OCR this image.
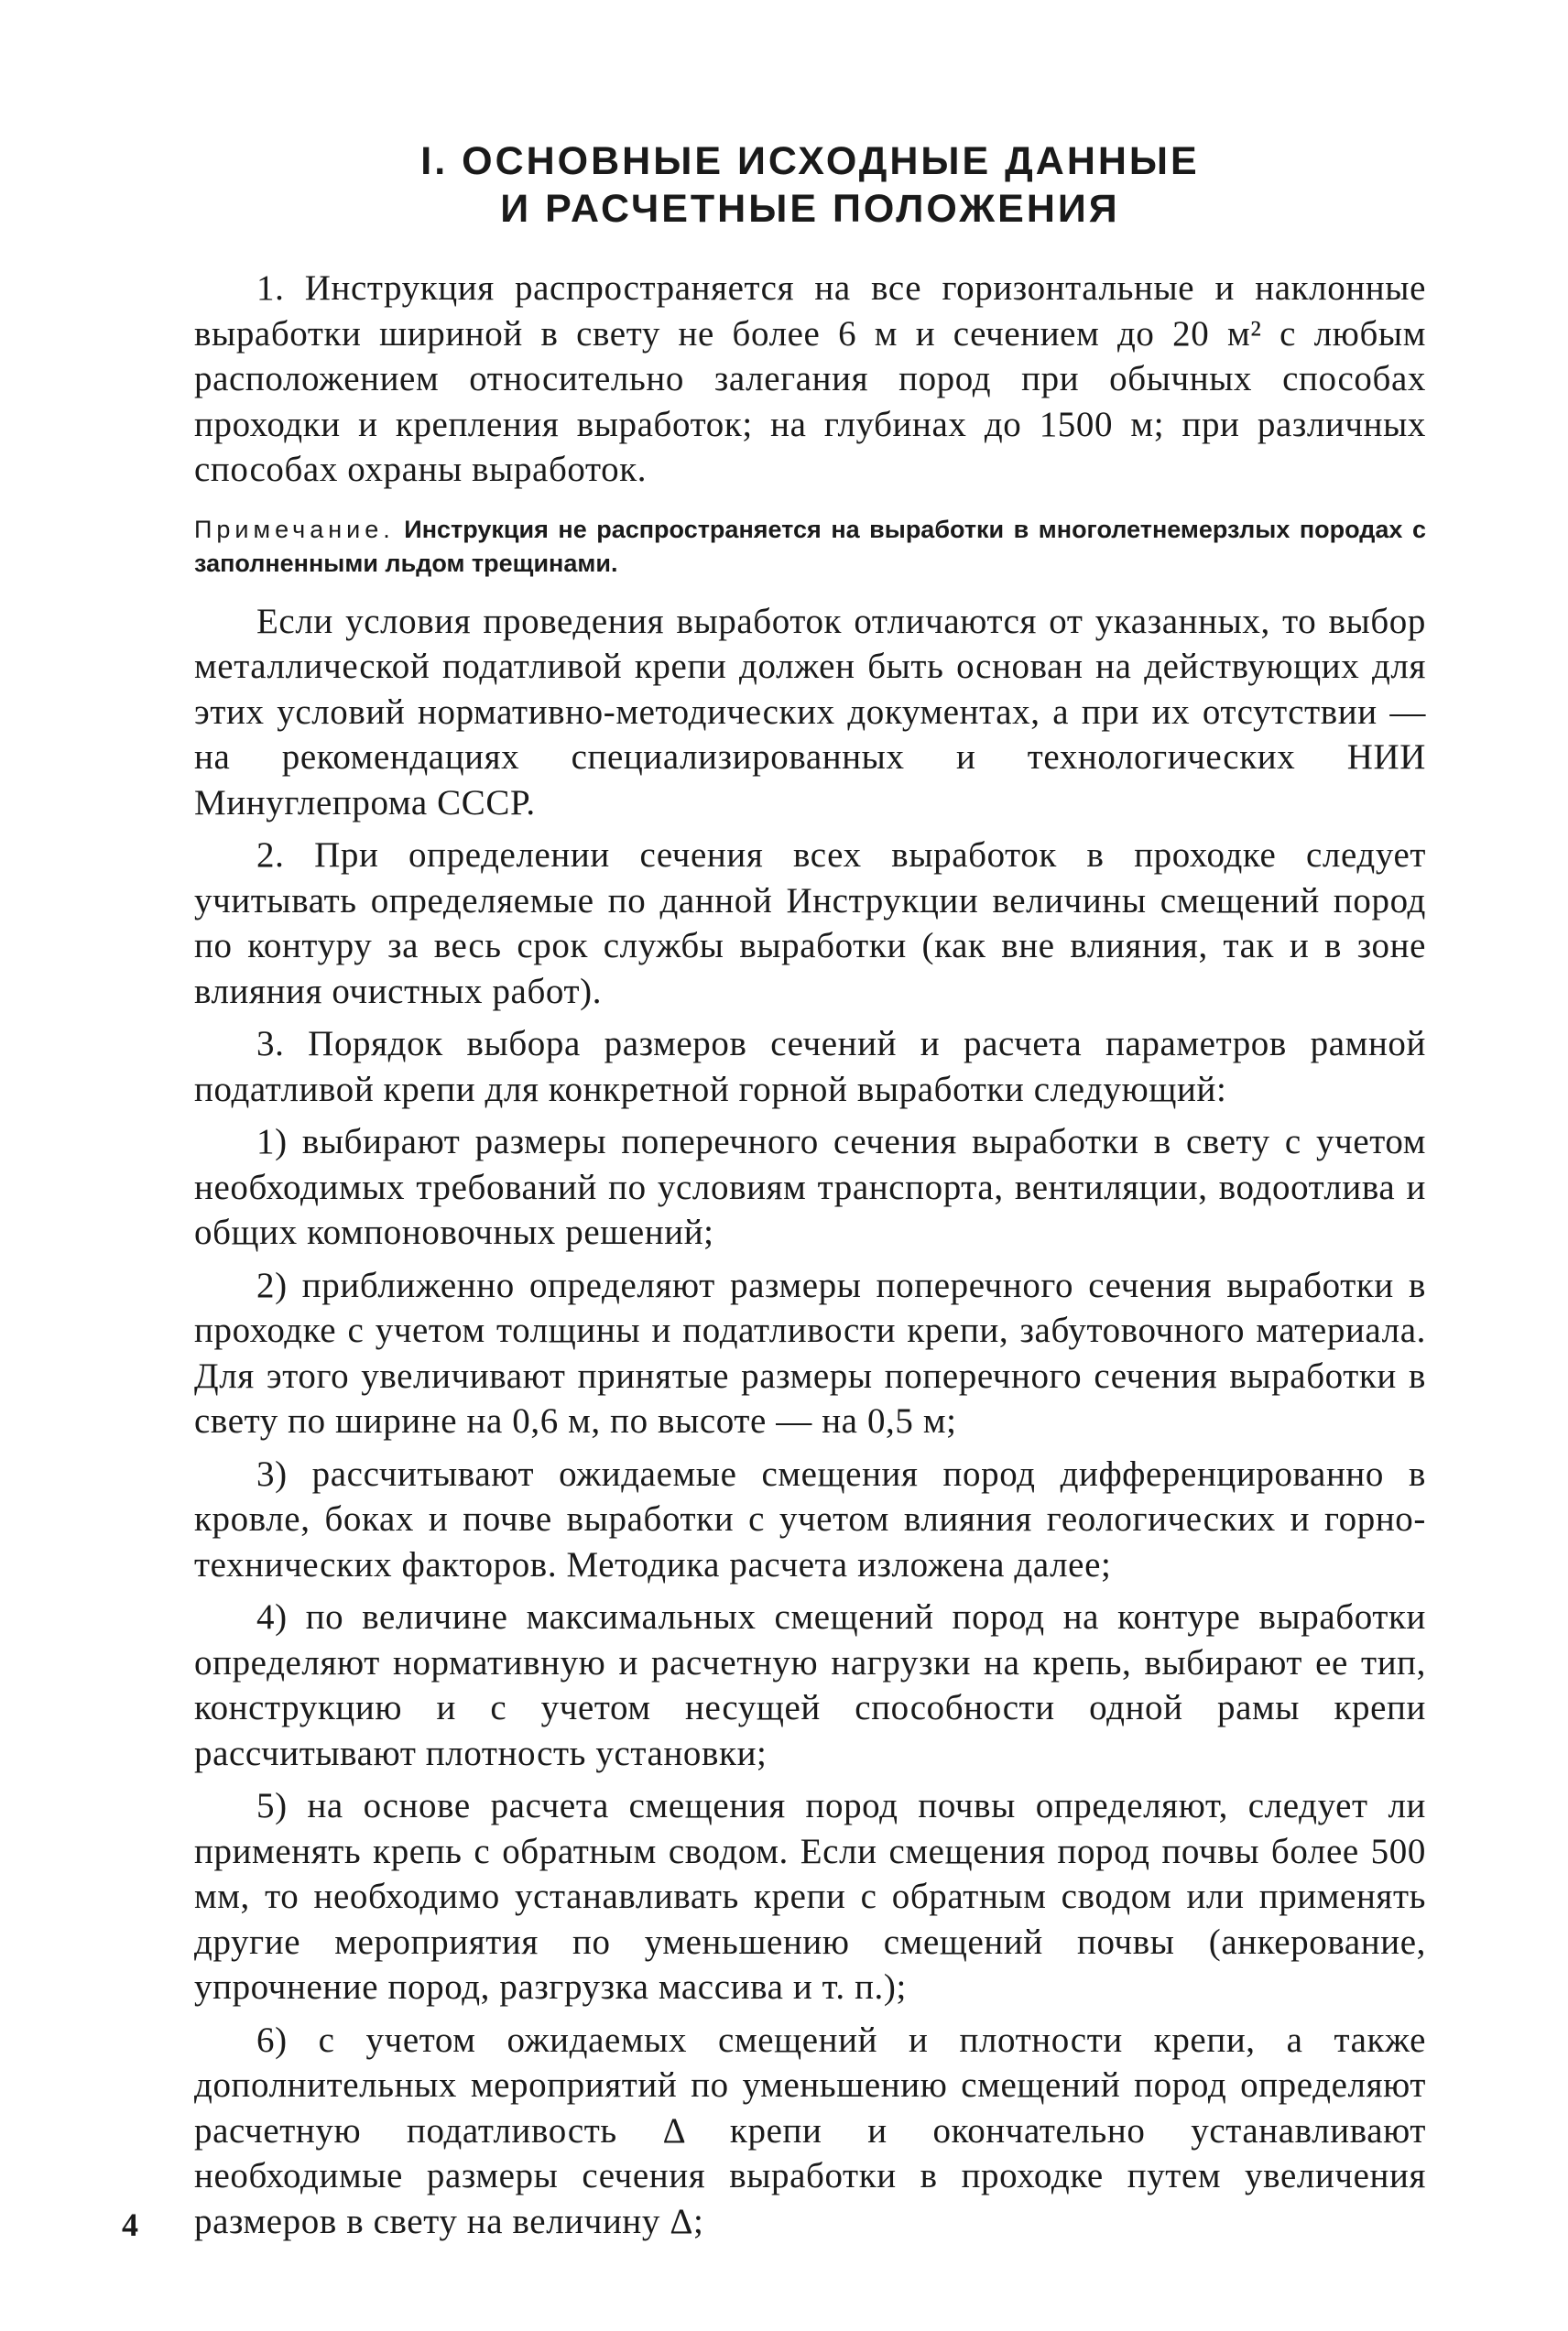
I. ОСНОВНЫЕ ИСХОДНЫЕ ДАННЫЕ
И РАСЧЕТНЫЕ ПОЛОЖЕНИЯ

1. Инструкция распространяется на все горизонтальные и наклонные выработки шириной в свету не более 6 м и сечением до 20 м² с любым расположением относительно залегания пород при обычных способах проходки и крепления выработок; на глубинах до 1500 м; при различных способах охраны выработок.

Примечание. Инструкция не распространяется на выработки в многолетнемерзлых породах с заполненными льдом трещинами.

Если условия проведения выработок отличаются от указанных, то выбор металлической податливой крепи должен быть основан на действующих для этих условий нормативно-методических документах, а при их отсутствии — на рекомендациях специализированных и технологических НИИ Минуглепрома СССР.

2. При определении сечения всех выработок в проходке следует учитывать определяемые по данной Инструкции величины смещений пород по контуру за весь срок службы выработки (как вне влияния, так и в зоне влияния очистных работ).

3. Порядок выбора размеров сечений и расчета параметров рамной податливой крепи для конкретной горной выработки следующий:

1) выбирают размеры поперечного сечения выработки в свету с учетом необходимых требований по условиям транспорта, вентиляции, водоотлива и общих компоновочных решений;

2) приближенно определяют размеры поперечного сечения выработки в проходке с учетом толщины и податливости крепи, забутовочного материала. Для этого увеличивают принятые размеры поперечного сечения выработки в свету по ширине на 0,6 м, по высоте — на 0,5 м;

3) рассчитывают ожидаемые смещения пород дифференцированно в кровле, боках и почве выработки с учетом влияния геологических и горно-технических факторов. Методика расчета изложена далее;

4) по величине максимальных смещений пород на контуре выработки определяют нормативную и расчетную нагрузки на крепь, выбирают ее тип, конструкцию и с учетом несущей способности одной рамы крепи рассчитывают плотность установки;

5) на основе расчета смещения пород почвы определяют, следует ли применять крепь с обратным сводом. Если смещения пород почвы более 500 мм, то необходимо устанавливать крепи с обратным сводом или применять другие мероприятия по уменьшению смещений почвы (анкерование, упрочнение пород, разгрузка массива и т. п.);

6) с учетом ожидаемых смещений и плотности крепи, а также дополнительных мероприятий по уменьшению смещений пород определяют расчетную податливость Δ крепи и окончательно устанавливают необходимые размеры сечения выработки в проходке путем увеличения размеров в свету на величину Δ;

4
